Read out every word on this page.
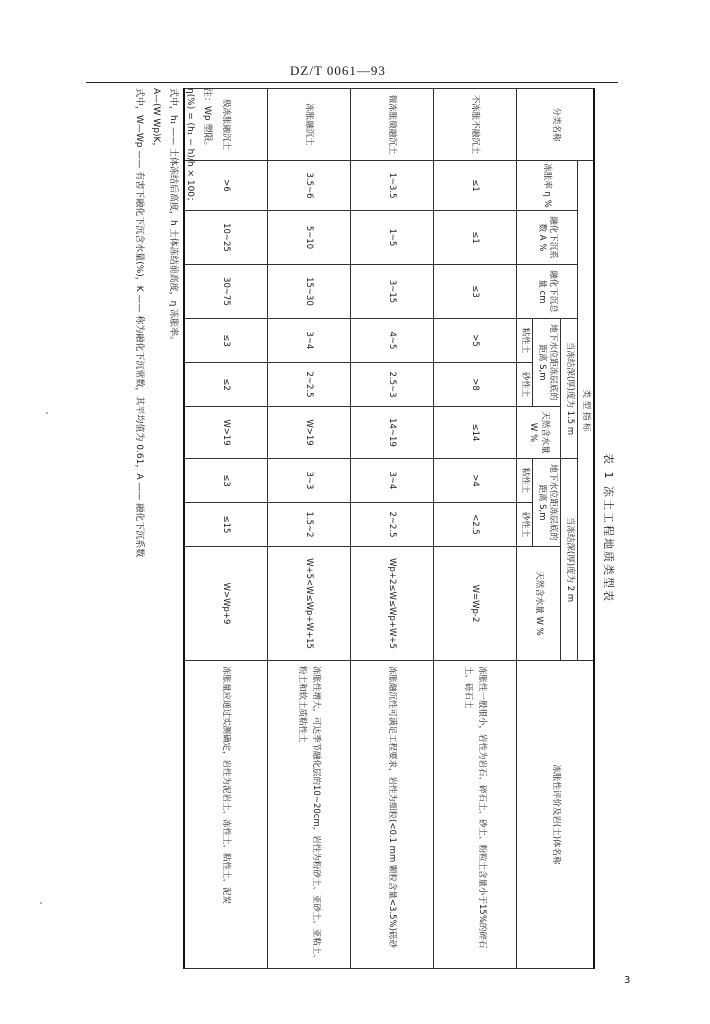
DZ/T 0061—93
表 1 冻土工程地质类型表
分类名称	类 型 指 标									冻胀性评价及岩(土)体名称
	冻胀率 η %	融化下沉系数 A %	融化下沉总量 cm	当冻结深(厚)度为 1.5 m			当冻结深(厚)度为 2 m			
				地下水位距冻层底的距离 S,m		天然含水量 W %	地下水位距冻层底的距离 S,m		天然含水量 W %	
				粘性土	砂性土		粘性土	砂性土		
不冻胀不融沉土	≤1	≤1	≤3	>5	>8	≤14	>4	<2.5	W=Wp-2	冻胀性一般很小，岩性为岩石、碎石土、砂土、粉粒土含量小于15%的碎石土、砾石土
微冻胀微融沉土	1~3.5	1~5	3~15	4~5	2.5~3	14~19	3~4	2~2.5	Wp+2≤W≤Wp+W+5	冻胀融沉性可满足工程要求，岩性为细粒(<0.1 mm 颗粒含量<3.5%)砾砂
冻胀融沉土	3.5~6	5~10	15~30	3~4	2~2.5	W>19	3~3	1.5~2	W+5<W≤Wp+W+15	冻胀性增大，可达季节融化层的10~20cm，岩性为粉砂土、亚砂土、亚粘土、粉土和软土质粘性土
极冻胀融沉土	>6	10~25	30~75	≤3	≤2	W>19	≤3	≤15	W>Wp+9	冻胀量应通过实测确定，岩性为泥岩土、冻性土、粘性土、泥炭

注：Wp 塑限。

η(%) = (h₁ − h)/h × 100；

式中，h₁ —— 土体冻结后高度，h 土体冻结前高度，η 冻胀率。

A—(W Wp)K，

式中，W—Wp —— 有害下融化下沉含水量(%)，K —— 称为融化下沉常数，其平均值为 0.61，A —— 融化下沉系数

3
